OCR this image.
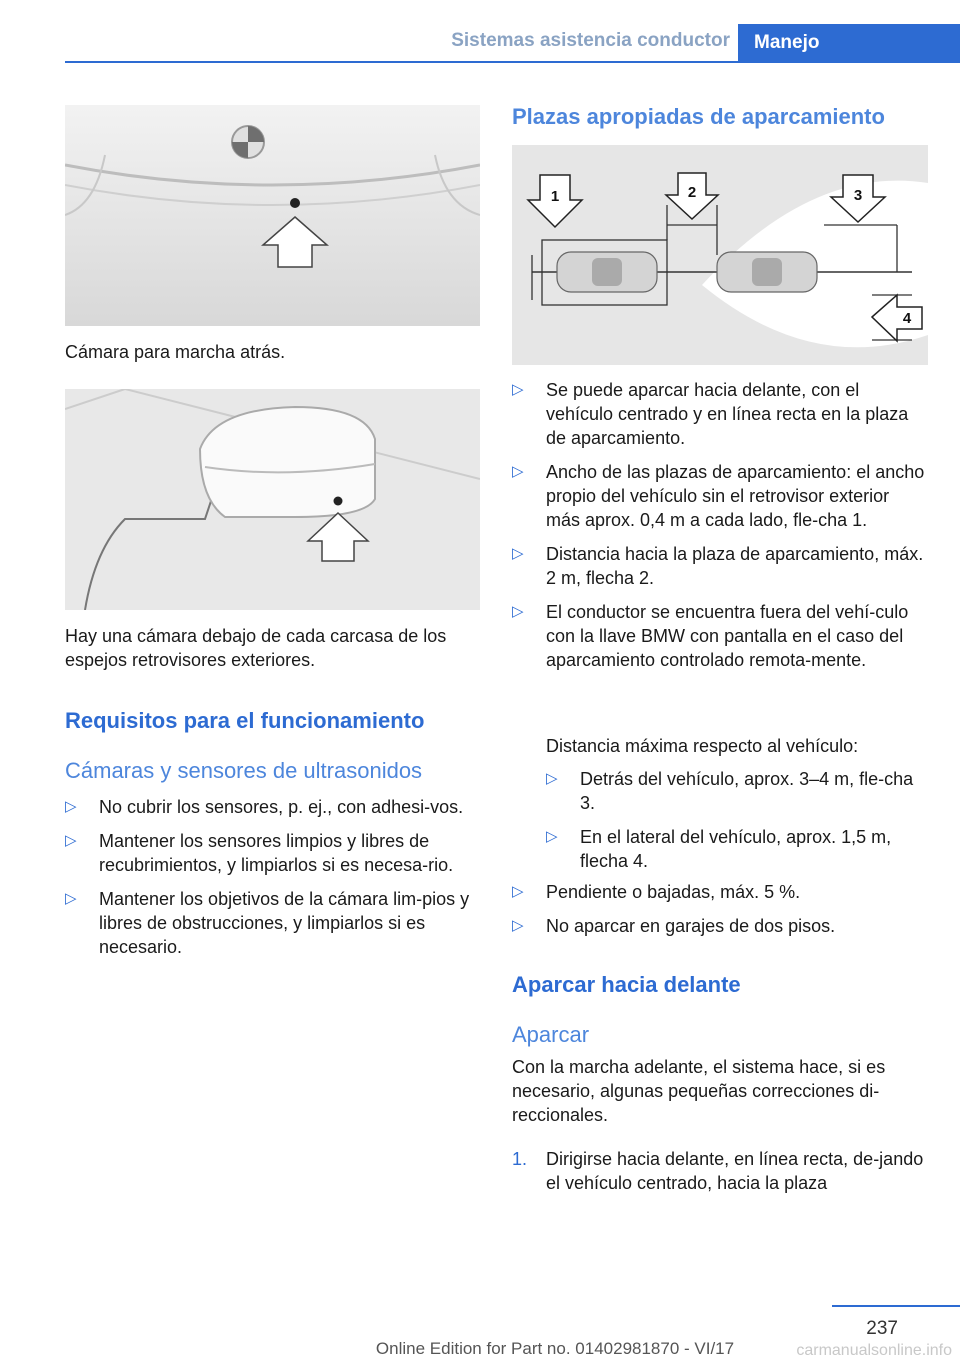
Sistemas asistencia conductor	Manejo

Cámara para marcha atrás.

Hay una cámara debajo de cada carcasa de los espejos retrovisores exteriores.

Requisitos para el funcionamiento
Cámaras y sensores de ultrasonidos
▷ No cubrir los sensores, p. ej., con adhesi-vos.
▷ Mantener los sensores limpios y libres de recubrimientos, y limpiarlos si es necesa-rio.
▷ Mantener los objetivos de la cámara lim-pios y libres de obstrucciones, y limpiarlos si es necesario.
Plazas apropiadas de aparcamiento
1	2	3
4
▷ Se puede aparcar hacia delante, con el vehículo centrado y en línea recta en la plaza de aparcamiento.
▷ Ancho de las plazas de aparcamiento: el ancho propio del vehículo sin el retrovisor exterior más aprox. 0,4 m a cada lado, fle-cha 1.
▷ Distancia hacia la plaza de aparcamiento, máx. 2 m, flecha 2.
▷ El conductor se encuentra fuera del vehí-culo con la llave BMW con pantalla en el caso del aparcamiento controlado remota-mente.

Distancia máxima respecto al vehículo:

▷ Detrás del vehículo, aprox. 3–4 m, fle-cha 3.
▷ En el lateral del vehículo, aprox. 1,5 m, flecha 4.
▷ Pendiente o bajadas, máx. 5 %.
▷ No aparcar en garajes de dos pisos.
Aparcar hacia delante
Aparcar

Con la marcha adelante, el sistema hace, si es necesario, algunas pequeñas correcciones di-reccionales.

1. Dirigirse hacia delante, en línea recta, de-jando el vehículo centrado, hacia la plaza
237
Online Edition for Part no. 01402981870 - VI/17	carmanualsonline.info
